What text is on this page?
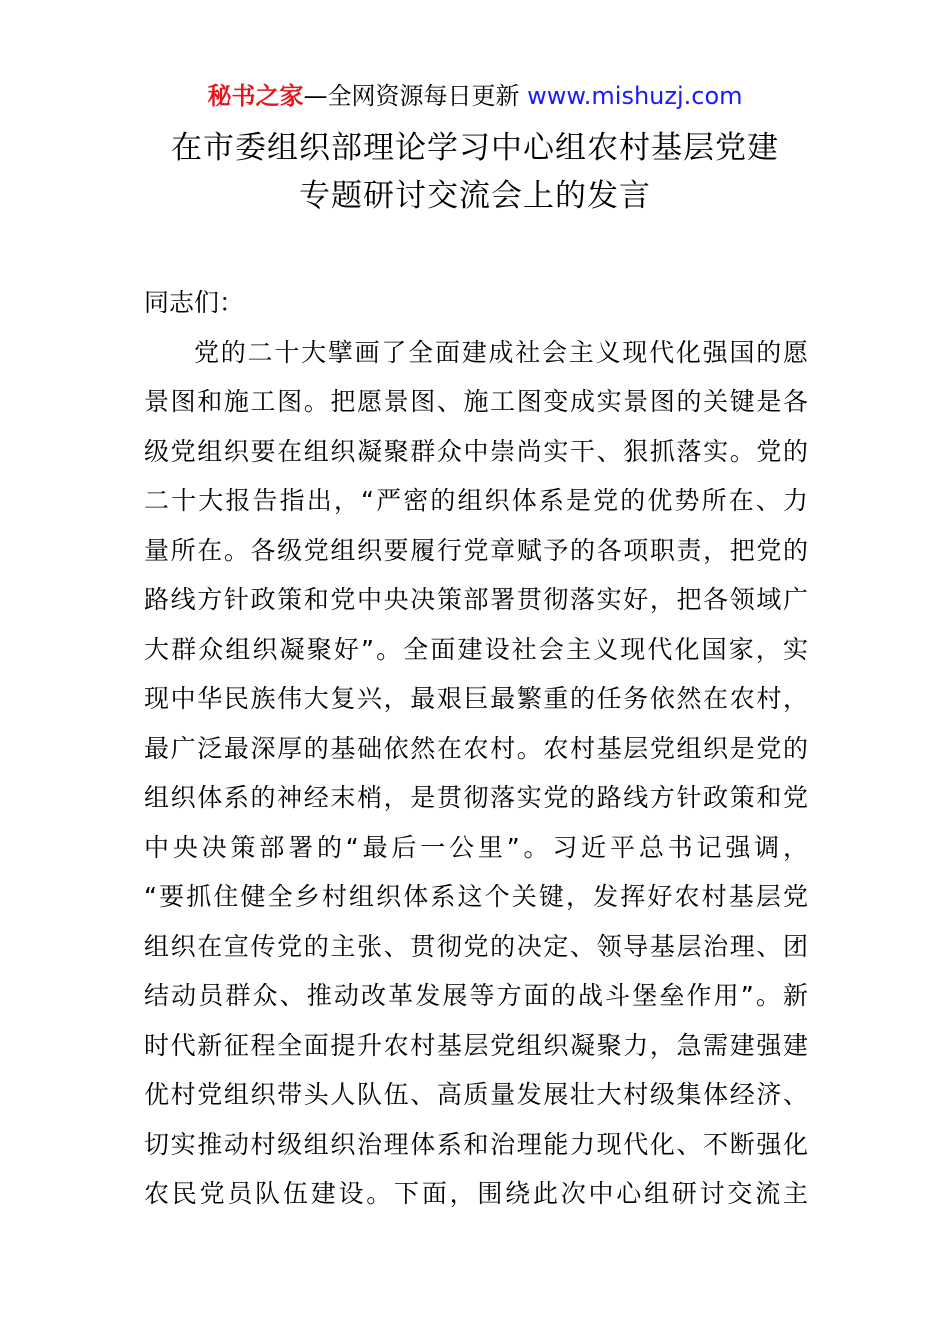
秘书之家—全网资源每日更新 www.mishuzj.com
在市委组织部理论学习中心组农村基层党建
专题研讨交流会上的发言
同志们：
党的二十大擘画了全面建成社会主义现代化强国的愿
景图和施工图。把愿景图、施工图变成实景图的关键是各
级党组织要在组织凝聚群众中崇尚实干、狠抓落实。党的
二十大报告指出，“严密的组织体系是党的优势所在、力
量所在。各级党组织要履行党章赋予的各项职责，把党的
路线方针政策和党中央决策部署贯彻落实好，把各领域广
大群众组织凝聚好”。全面建设社会主义现代化国家，实
现中华民族伟大复兴，最艰巨最繁重的任务依然在农村，
最广泛最深厚的基础依然在农村。农村基层党组织是党的
组织体系的神经末梢，是贯彻落实党的路线方针政策和党
中央决策部署的“最后一公里”。习近平总书记强调，
“要抓住健全乡村组织体系这个关键，发挥好农村基层党
组织在宣传党的主张、贯彻党的决定、领导基层治理、团
结动员群众、推动改革发展等方面的战斗堡垒作用”。新
时代新征程全面提升农村基层党组织凝聚力，急需建强建
优村党组织带头人队伍、高质量发展壮大村级集体经济、
切实推动村级组织治理体系和治理能力现代化、不断强化
农民党员队伍建设。下面，围绕此次中心组研讨交流主
